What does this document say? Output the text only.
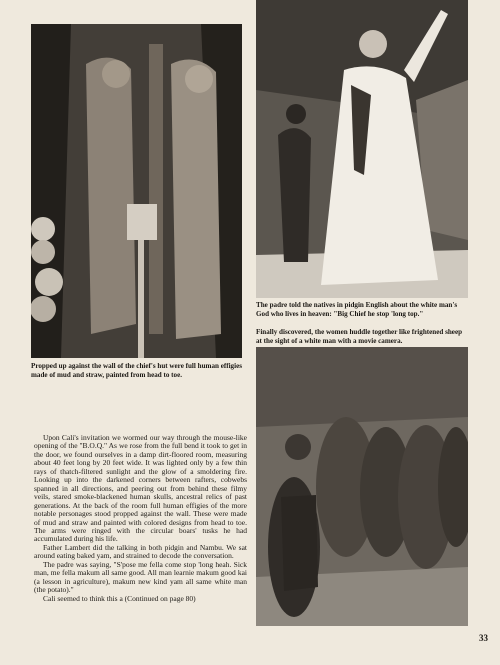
Propped up against the wall of the chief's hut were full human effigies made of mud and straw, painted from head to toe.
The padre told the natives in pidgin English about the white man's God who lives in heaven: "Big Chief he stop 'long top."
Finally discovered, the women huddle together like frightened sheep at the sight of a white man with a movie camera.

Upon Cali's invitation we wormed our way through the mouse-like opening of the "B.O.Q." As we rose from the full bend it took to get in the door, we found ourselves in a damp dirt-floored room, measuring about 40 feet long by 20 feet wide. It was lighted only by a few thin rays of thatch-filtered sunlight and the glow of a smoldering fire. Looking up into the darkened corners between rafters, cobwebs spanned in all directions, and peering out from behind these filmy veils, stared smoke-blackened human skulls, ancestral relics of past generations. At the back of the room full human effigies of the more notable personages stood propped against the wall. These were made of mud and straw and painted with colored designs from head to toe. The arms were ringed with the circular boars' tusks he had accumulated during his life.

Father Lambert did the talking in both pidgin and Nambu. We sat around eating baked yam, and strained to decode the conversation.

The padre was saying, "S'pose me fella come stop 'long heah. Sick man, me fella makum all same good. All man learnie makum good kai (a lesson in agriculture), makum new kind yam all same white man (the potato)."

Cali seemed to think this a (Continued on page 80)

33
